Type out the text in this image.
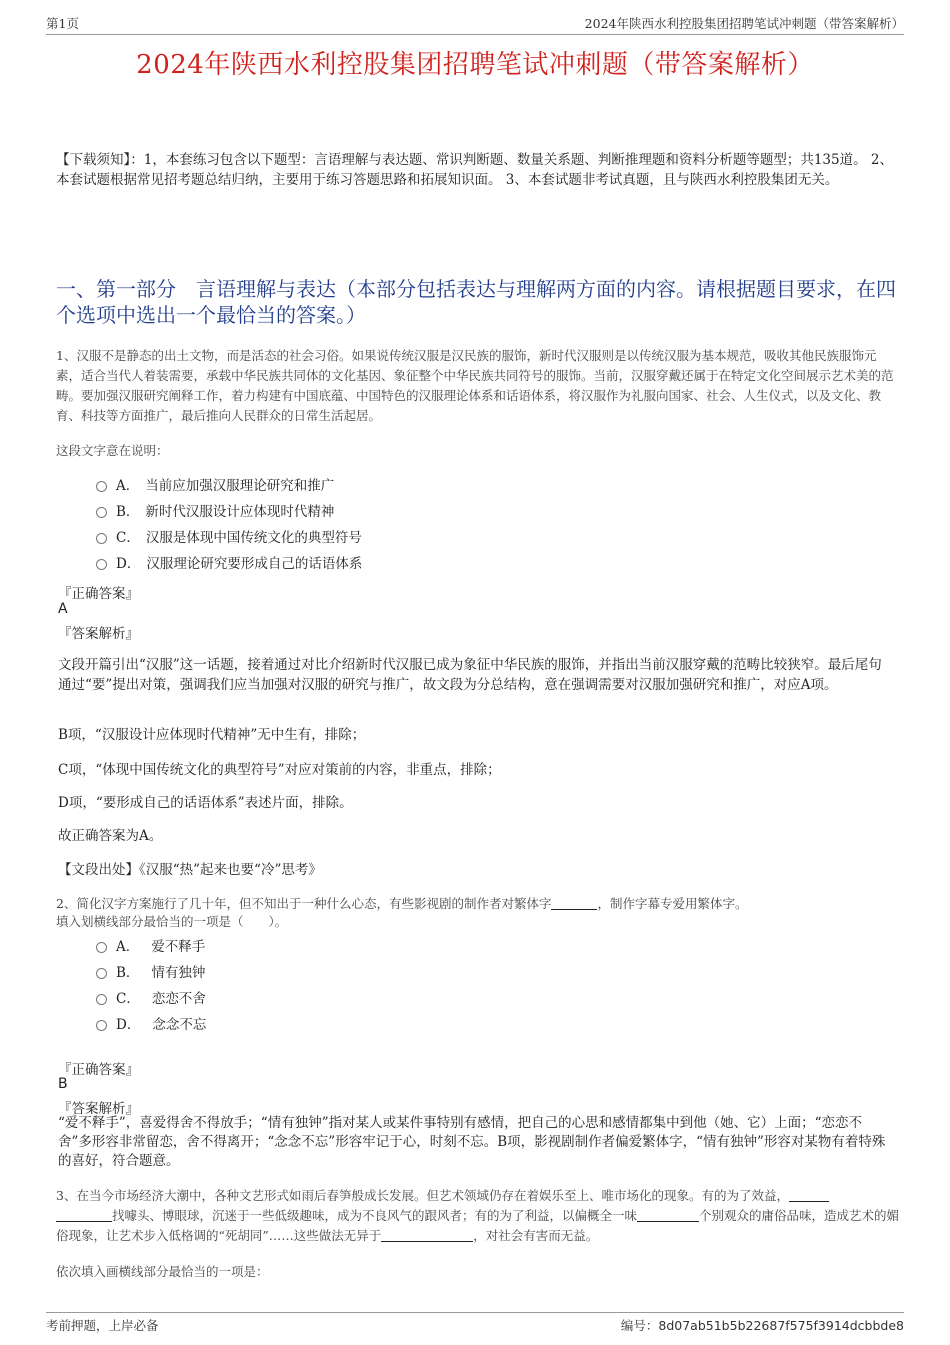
第1页	2024年陕西水利控股集团招聘笔试冲刺题（带答案解析）
2024年陕西水利控股集团招聘笔试冲刺题（带答案解析）
【下载须知】：1，本套练习包含以下题型：言语理解与表达题、常识判断题、数量关系题、判断推理题和资料分析题等题型；共135道。 2、本套试题根据常见招考题总结归纳，主要用于练习答题思路和拓展知识面。 3、本套试题非考试真题，且与陕西水利控股集团无关。
一、第一部分　言语理解与表达（本部分包括表达与理解两方面的内容。请根据题目要求，在四个选项中选出一个最恰当的答案。）
1、汉服不是静态的出土文物，而是活态的社会习俗。如果说传统汉服是汉民族的服饰，新时代汉服则是以传统汉服为基本规范，吸收其他民族服饰元素，适合当代人着装需要，承载中华民族共同体的文化基因、象征整个中华民族共同符号的服饰。当前，汉服穿戴还属于在特定文化空间展示艺术美的范畴。要加强汉服研究阐释工作，着力构建有中国底蕴、中国特色的汉服理论体系和话语体系，将汉服作为礼服向国家、社会、人生仪式，以及文化、教育、科技等方面推广，最后推向人民群众的日常生活起居。
这段文字意在说明：
A． 当前应加强汉服理论研究和推广
B． 新时代汉服设计应体现时代精神
C． 汉服是体现中国传统文化的典型符号
D． 汉服理论研究要形成自己的话语体系
『正确答案』
A
『答案解析』
文段开篇引出“汉服”这一话题，接着通过对比介绍新时代汉服已成为象征中华民族的服饰，并指出当前汉服穿戴的范畴比较狭窄。最后尾句通过“要”提出对策，强调我们应当加强对汉服的研究与推广，故文段为分总结构，意在强调需要对汉服加强研究和推广，对应A项。
B项，“汉服设计应体现时代精神”无中生有，排除；
C项，“体现中国传统文化的典型符号”对应对策前的内容，非重点，排除；
D项，“要形成自己的话语体系”表述片面，排除。
故正确答案为A。
【文段出处】《汉服“热”起来也要“冷”思考》
2、简化汉字方案施行了几十年，但不知出于一种什么心态，有些影视剧的制作者对繁体字	，制作字幕专爱用繁体字。
填入划横线部分最恰当的一项是（　　）。
A． 爱不释手
B． 情有独钟
C． 恋恋不舍
D． 念念不忘
『正确答案』
B
『答案解析』
“爱不释手”，喜爱得舍不得放手；“情有独钟”指对某人或某件事特别有感情，把自己的心思和感情都集中到他（她、它）上面；“恋恋不舍”多形容非常留恋，舍不得离开；“念念不忘”形容牢记于心，时刻不忘。B项，影视剧制作者偏爱繁体字，“情有独钟”形容对某物有着特殊的喜好，符合题意。
3、在当今市场经济大潮中，各种文艺形式如雨后春笋般成长发展。但艺术领域仍存在着娱乐至上、唯市场化的现象。有的为了效益，
找噱头、博眼球，沉迷于一些低级趣味，成为不良风气的跟风者；有的为了利益，以偏概全一味	个别观众的庸俗品味，造成艺术的媚俗现象，让艺术步入低格调的“死胡同”……这些做法无异于	，对社会有害而无益。
依次填入画横线部分最恰当的一项是：
考前押题，上岸必备	编号：8d07ab51b5b22687f575f3914dcbbde8
